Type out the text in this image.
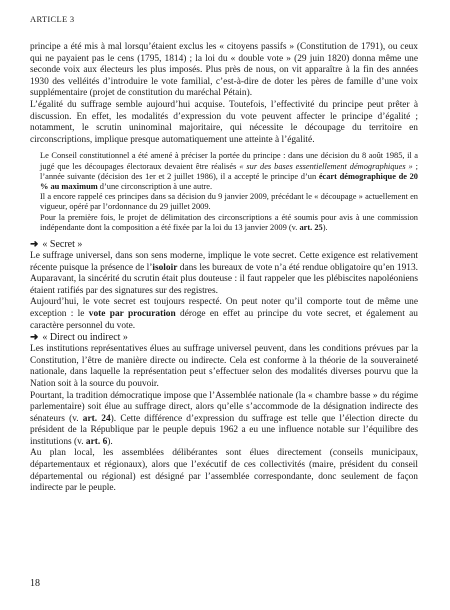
ARTICLE 3

principe a été mis à mal lorsqu’étaient exclus les « citoyens passifs » (Constitution de 1791), ou ceux qui ne payaient pas le cens (1795, 1814) ; la loi du « double vote » (29 juin 1820) donna même une seconde voix aux électeurs les plus imposés. Plus près de nous, on vit apparaître à la fin des années 1930 des velléités d’introduire le vote familial, c’est-à-dire de doter les pères de famille d’une voix supplémentaire (projet de constitution du maréchal Pétain).

L’égalité du suffrage semble aujourd’hui acquise. Toutefois, l’effectivité du principe peut prêter à discussion. En effet, les modalités d’expression du vote peuvent affecter le principe d’égalité ; notamment, le scrutin uninominal majoritaire, qui nécessite le découpage du territoire en circonscriptions, implique presque automatiquement une atteinte à l’égalité.

Le Conseil constitutionnel a été amené à préciser la portée du principe : dans une décision du 8 août 1985, il a jugé que les découpages électoraux devaient être réalisés « sur des bases essentiellement démographiques » ; l’année suivante (décision des 1er et 2 juillet 1986), il a accepté le principe d’un écart démographique de 20 % au maximum d’une circonscription à une autre.

Il a encore rappelé ces principes dans sa décision du 9 janvier 2009, précédant le « découpage » actuellement en vigueur, opéré par l’ordonnance du 29 juillet 2009.

Pour la première fois, le projet de délimitation des circonscriptions a été soumis pour avis à une commission indépendante dont la composition a été fixée par la loi du 13 janvier 2009 (v. art. 25).

➜ « Secret »

Le suffrage universel, dans son sens moderne, implique le vote secret. Cette exigence est relativement récente puisque la présence de l’isoloir dans les bureaux de vote n’a été rendue obligatoire qu’en 1913. Auparavant, la sincérité du scrutin était plus douteuse : il faut rappeler que les plébiscites napoléoniens étaient ratifiés par des signatures sur des registres.

Aujourd’hui, le vote secret est toujours respecté. On peut noter qu’il comporte tout de même une exception : le vote par procuration déroge en effet au principe du vote secret, et également au caractère personnel du vote.

➜ « Direct ou indirect »

Les institutions représentatives élues au suffrage universel peuvent, dans les conditions prévues par la Constitution, l’être de manière directe ou indirecte. Cela est conforme à la théorie de la souveraineté nationale, dans laquelle la représentation peut s’effectuer selon des modalités diverses pourvu que la Nation soit à la source du pouvoir.

Pourtant, la tradition démocratique impose que l’Assemblée nationale (la « chambre basse » du régime parlementaire) soit élue au suffrage direct, alors qu’elle s’accommode de la désignation indirecte des sénateurs (v. art. 24). Cette différence d’expression du suffrage est telle que l’élection directe du président de la République par le peuple depuis 1962 a eu une influence notable sur l’équilibre des institutions (v. art. 6).

Au plan local, les assemblées délibérantes sont élues directement (conseils municipaux, départementaux et régionaux), alors que l’exécutif de ces collectivités (maire, président du conseil départemental ou régional) est désigné par l’assemblée correspondante, donc seulement de façon indirecte par le peuple.

18
